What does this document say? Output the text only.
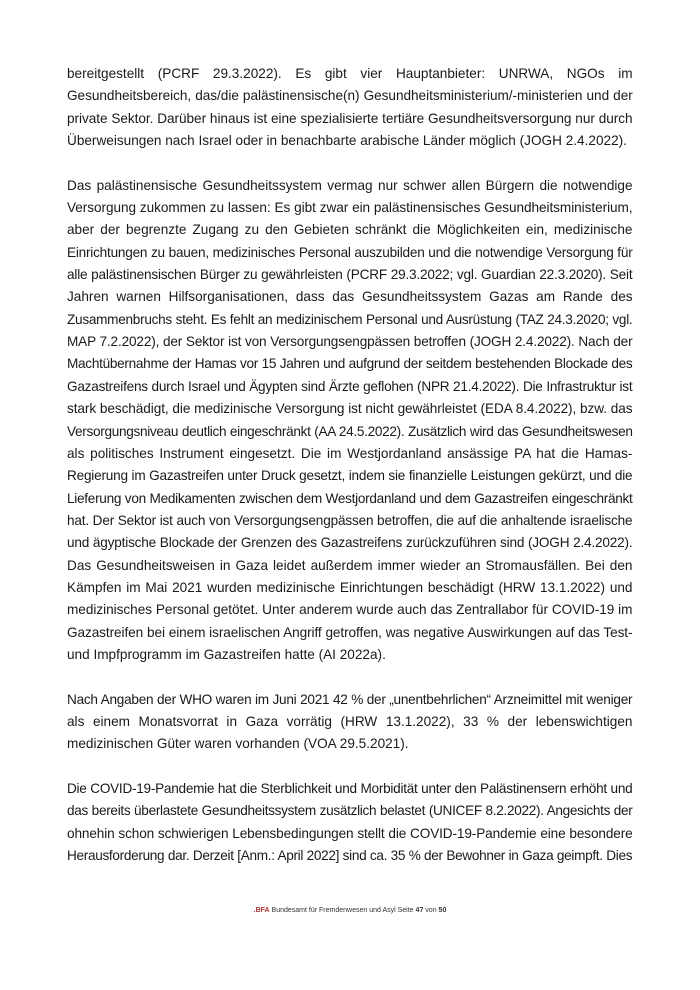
bereitgestellt (PCRF 29.3.2022). Es gibt vier Hauptanbieter: UNRWA, NGOs im
Gesundheitsbereich, das/die palästinensische(n) Gesundheitsministerium/-ministerien und der
private Sektor. Darüber hinaus ist eine spezialisierte tertiäre Gesundheitsversorgung nur durch
Überweisungen nach Israel oder in benachbarte arabische Länder möglich (JOGH 2.4.2022).
Das palästinensische Gesundheitssystem vermag nur schwer allen Bürgern die notwendige
Versorgung zukommen zu lassen: Es gibt zwar ein palästinensisches Gesundheitsministerium,
aber der begrenzte Zugang zu den Gebieten schränkt die Möglichkeiten ein, medizinische
Einrichtungen zu bauen, medizinisches Personal auszubilden und die notwendige Versorgung für
alle palästinensischen Bürger zu gewährleisten (PCRF 29.3.2022; vgl. Guardian 22.3.2020). Seit
Jahren warnen Hilfsorganisationen, dass das Gesundheitssystem Gazas am Rande des
Zusammenbruchs steht. Es fehlt an medizinischem Personal und Ausrüstung (TAZ 24.3.2020; vgl.
MAP 7.2.2022), der Sektor ist von Versorgungsengpässen betroffen (JOGH 2.4.2022). Nach der
Machtübernahme der Hamas vor 15 Jahren und aufgrund der seitdem bestehenden Blockade des
Gazastreifens durch Israel und Ägypten sind Ärzte geflohen (NPR 21.4.2022). Die Infrastruktur ist
stark beschädigt, die medizinische Versorgung ist nicht gewährleistet (EDA 8.4.2022), bzw. das
Versorgungsniveau deutlich eingeschränkt (AA 24.5.2022). Zusätzlich wird das Gesundheitswesen
als politisches Instrument eingesetzt. Die im Westjordanland ansässige PA hat die Hamas-
Regierung im Gazastreifen unter Druck gesetzt, indem sie finanzielle Leistungen gekürzt, und die
Lieferung von Medikamenten zwischen dem Westjordanland und dem Gazastreifen eingeschränkt
hat. Der Sektor ist auch von Versorgungsengpässen betroffen, die auf die anhaltende israelische
und ägyptische Blockade der Grenzen des Gazastreifens zurückzuführen sind (JOGH 2.4.2022).
Das Gesundheitsweisen in Gaza leidet außerdem immer wieder an Stromausfällen. Bei den
Kämpfen im Mai 2021 wurden medizinische Einrichtungen beschädigt (HRW 13.1.2022) und
medizinisches Personal getötet. Unter anderem wurde auch das Zentrallabor für COVID-19 im
Gazastreifen bei einem israelischen Angriff getroffen, was negative Auswirkungen auf das Test-
und Impfprogramm im Gazastreifen hatte (AI 2022a).
Nach Angaben der WHO waren im Juni 2021 42 % der „unentbehrlichen“ Arzneimittel mit weniger
als einem Monatsvorrat in Gaza vorrätig (HRW 13.1.2022), 33 % der lebenswichtigen
medizinischen Güter waren vorhanden (VOA 29.5.2021).
Die COVID-19-Pandemie hat die Sterblichkeit und Morbidität unter den Palästinensern erhöht und
das bereits überlastete Gesundheitssystem zusätzlich belastet (UNICEF 8.2.2022). Angesichts der
ohnehin schon schwierigen Lebensbedingungen stellt die COVID-19-Pandemie eine besondere
Herausforderung dar. Derzeit [Anm.: April 2022] sind ca. 35 % der Bewohner in Gaza geimpft. Dies
.BFA Bundesamt für Fremdenwesen und Asyl Seite 47 von 50
